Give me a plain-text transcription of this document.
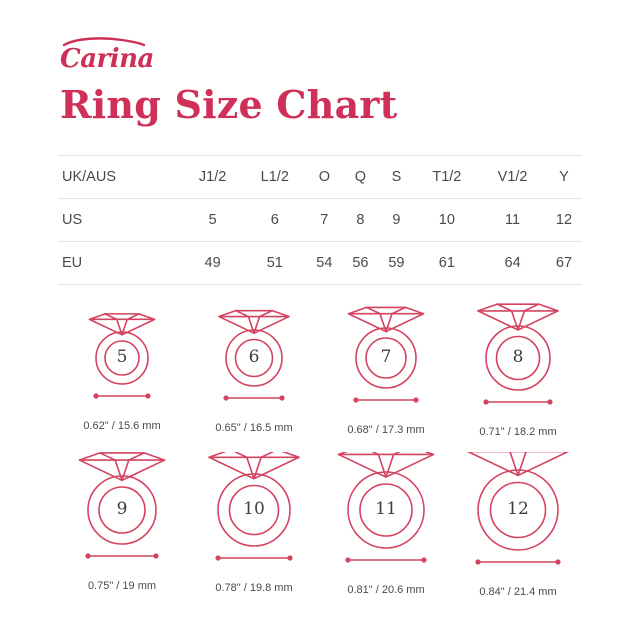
Carina
Ring Size Chart
UK/AUS	J1/2	L1/2	O	Q	S	T1/2	V1/2	Y
US	5	6	7	8	9	10	11	12
EU	49	51	54	56	59	61	64	67
5
0.62" / 15.6 mm
6
0.65" / 16.5 mm
7
0.68" / 17.3 mm
8
0.71" / 18.2 mm
9
0.75" / 19 mm
10
0.78" / 19.8 mm
11
0.81" / 20.6 mm
12
0.84" / 21.4 mm
